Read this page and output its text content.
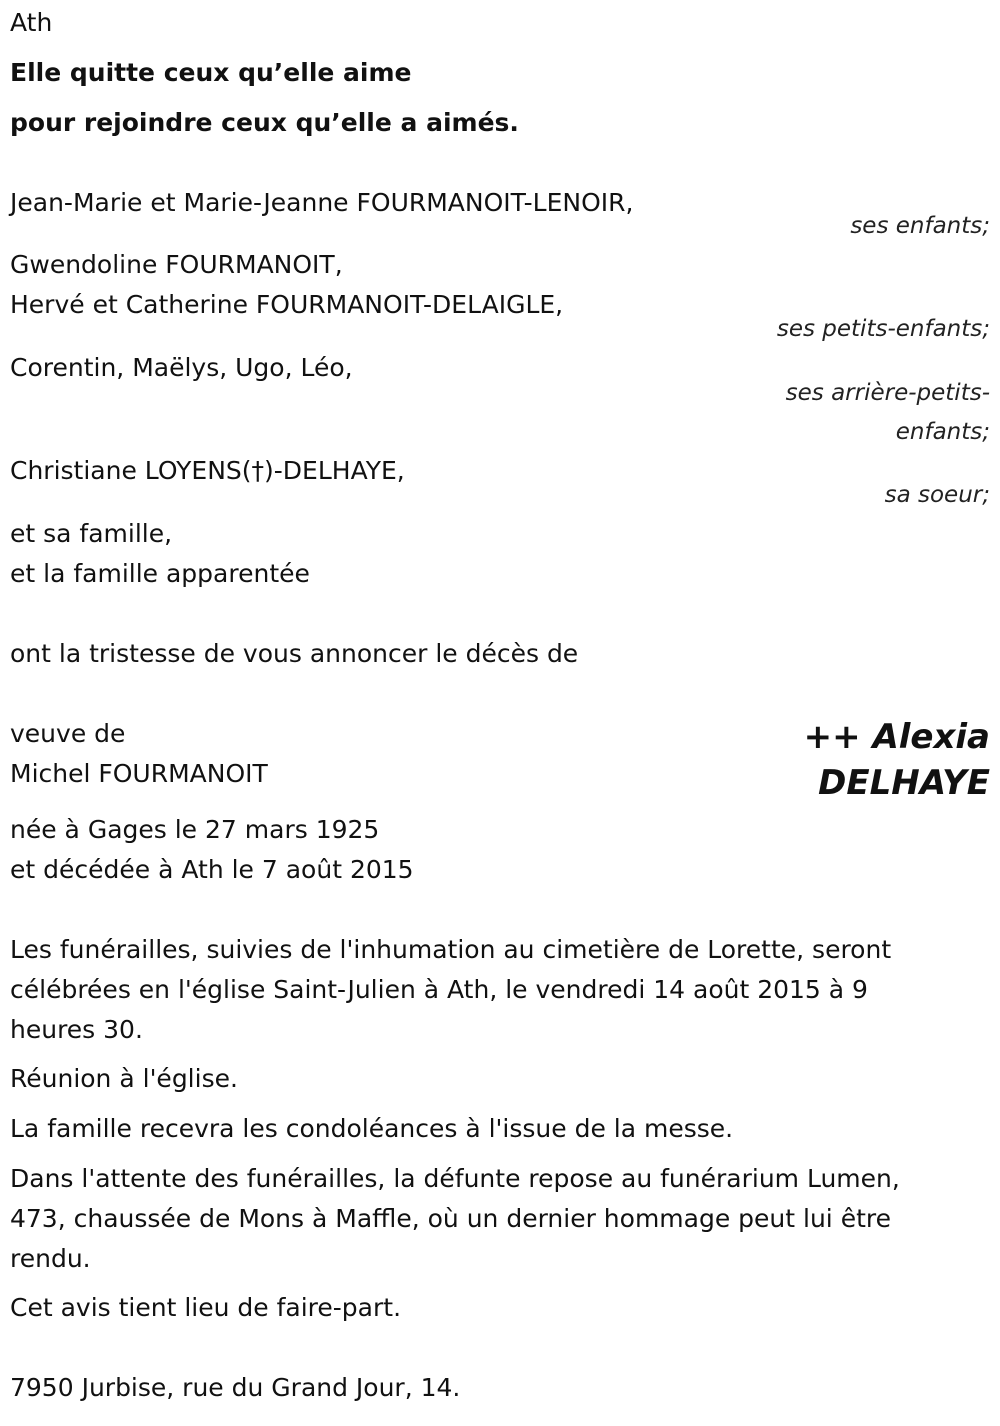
Ath
Elle quitte ceux qu’elle aime
pour rejoindre ceux qu’elle a aimés.
Jean-Marie et Marie-Jeanne FOURMANOIT-LENOIR,
ses enfants;
Gwendoline FOURMANOIT,
Hervé et Catherine FOURMANOIT-DELAIGLE,
ses petits-enfants;
Corentin, Maëlys, Ugo, Léo,
ses arrière-petits-
enfants;
Christiane LOYENS(†)-DELHAYE,
sa soeur;
et sa famille,
et la famille apparentée
ont la tristesse de vous annoncer le décès de
veuve de
Michel FOURMANOIT
++ Alexia
DELHAYE
née à Gages le 27 mars 1925
et décédée à Ath le 7 août 2015
Les funérailles, suivies de l'inhumation au cimetière de Lorette, seront
célébrées en l'église Saint-Julien à Ath, le vendredi 14 août 2015 à 9
heures 30.
Réunion à l'église.
La famille recevra les condoléances à l'issue de la messe.
Dans l'attente des funérailles, la défunte repose au funérarium Lumen,
473, chaussée de Mons à Maffle, où un dernier hommage peut lui être
rendu.
Cet avis tient lieu de faire-part.
7950 Jurbise, rue du Grand Jour, 14.
